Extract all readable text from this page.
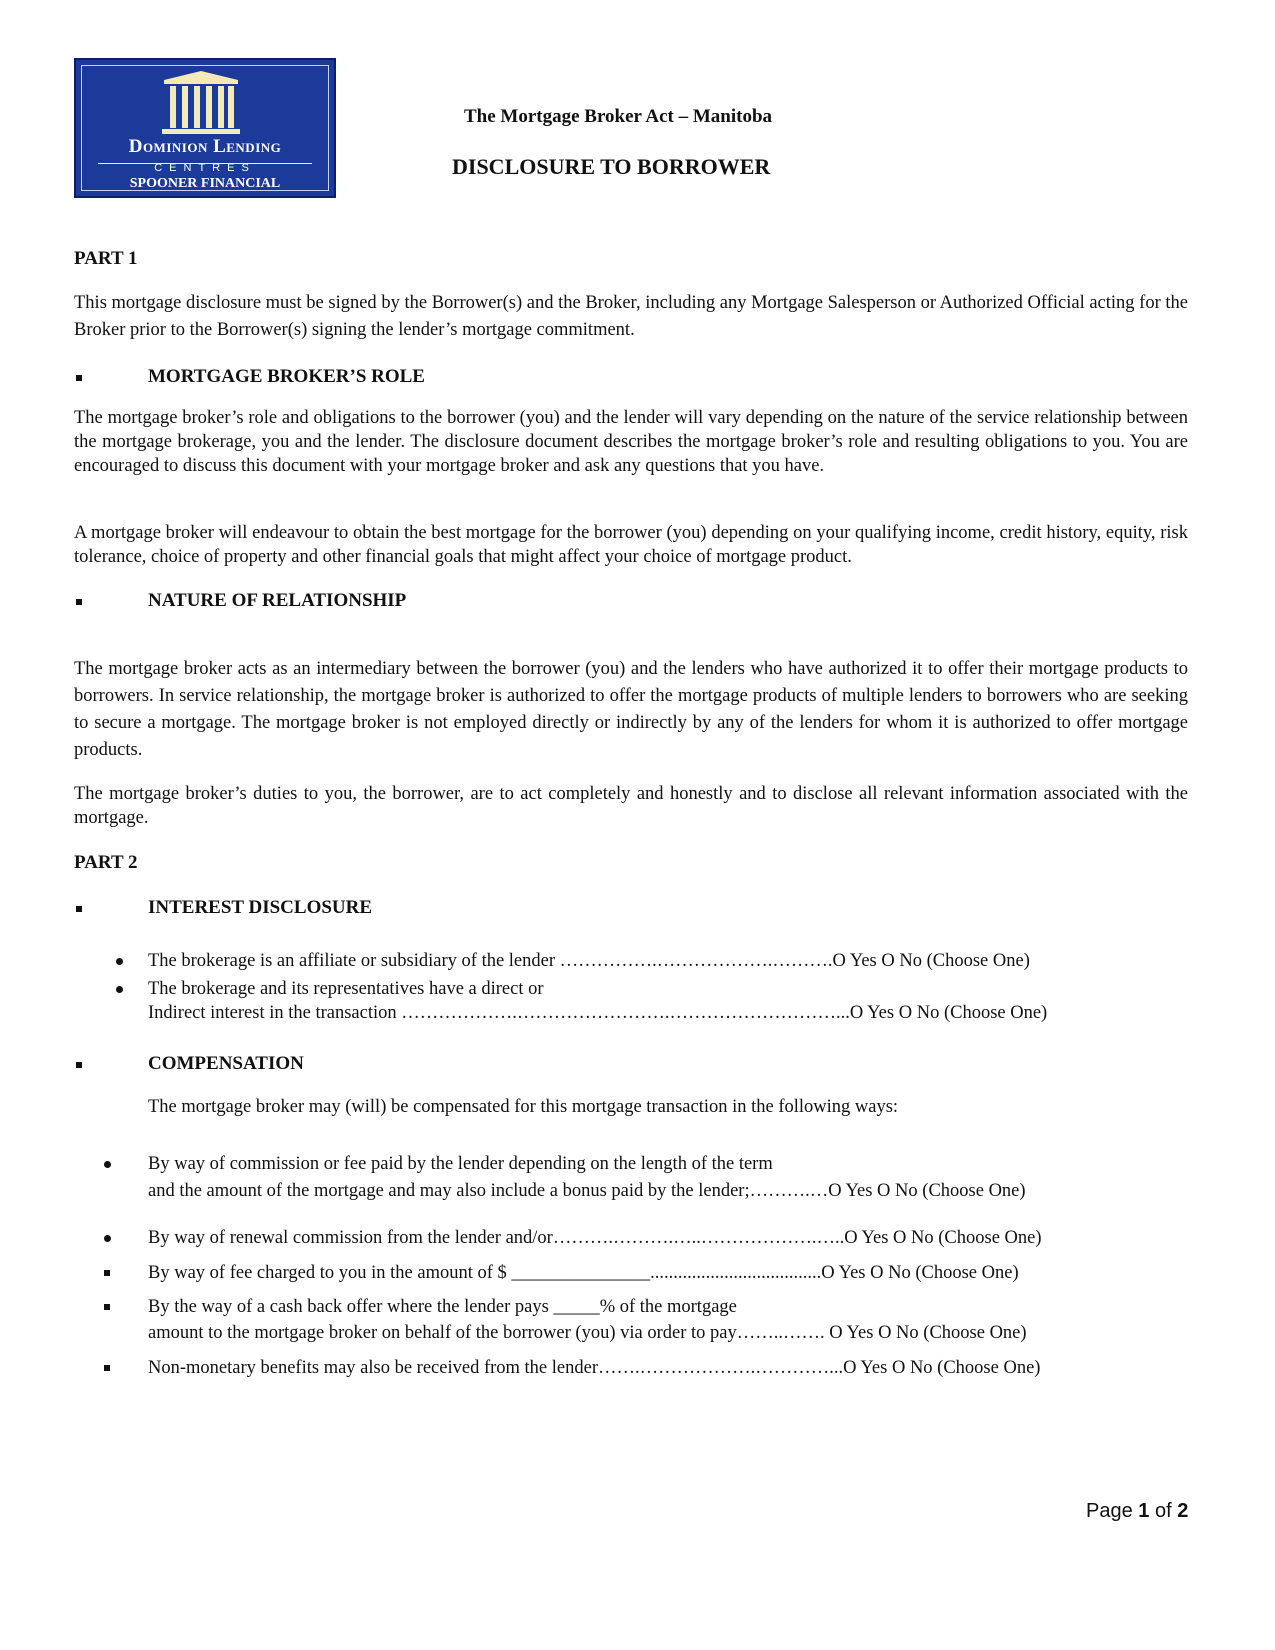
Dominion Lending
CENTRES
SPOONER FINANCIAL
The Mortgage Broker Act – Manitoba
DISCLOSURE TO BORROWER
PART 1
This mortgage disclosure must be signed by the Borrower(s) and the Broker, including any Mortgage Salesperson or Authorized Official acting for the Broker prior to the Borrower(s) signing the lender’s mortgage commitment.
MORTGAGE BROKER’S ROLE
The mortgage broker’s role and obligations to the borrower (you) and the lender will vary depending on the nature of the service relationship between the mortgage brokerage, you and the lender. The disclosure document describes the mortgage broker’s role and resulting obligations to you. You are encouraged to discuss this document with your mortgage broker and ask any questions that you have.
A mortgage broker will endeavour to obtain the best mortgage for the borrower (you) depending on your qualifying income, credit history, equity, risk tolerance, choice of property and other financial goals that might affect your choice of mortgage product.
NATURE OF RELATIONSHIP
The mortgage broker acts as an intermediary between the borrower (you) and the lenders who have authorized it to offer their mortgage products to borrowers. In service relationship, the mortgage broker is authorized to offer the mortgage products of multiple lenders to borrowers who are seeking to secure a mortgage. The mortgage broker is not employed directly or indirectly by any of the lenders for whom it is authorized to offer mortgage products.
The mortgage broker’s duties to you, the borrower, are to act completely and honestly and to disclose all relevant information associated with the mortgage.
PART 2
INTEREST DISCLOSURE
The brokerage is an affiliate or subsidiary of the lender …………….……………….……….O Yes O No (Choose One)
The brokerage and its representatives have a direct or
Indirect interest in the transaction ……………….…………………….………………………...O Yes O No (Choose One)
COMPENSATION
The mortgage broker may (will) be compensated for this mortgage transaction in the following ways:
By way of commission or fee paid by the lender depending on the length of the term
and the amount of the mortgage and may also include a bonus paid by the lender;……….…O Yes O No (Choose One)
By way of renewal commission from the lender and/or……….……….…..……………….…..O Yes O No (Choose One)
By way of fee charged to you in the amount of $ _______________.....................................O Yes O No (Choose One)
By the way of a cash back offer where the lender pays _____% of the mortgage
amount to the mortgage broker on behalf of the borrower (you) via order to pay……..……. O Yes O No (Choose One)
Non-monetary benefits may also be received from the lender…….……………….…………...O Yes O No (Choose One)
Page 1 of 2
